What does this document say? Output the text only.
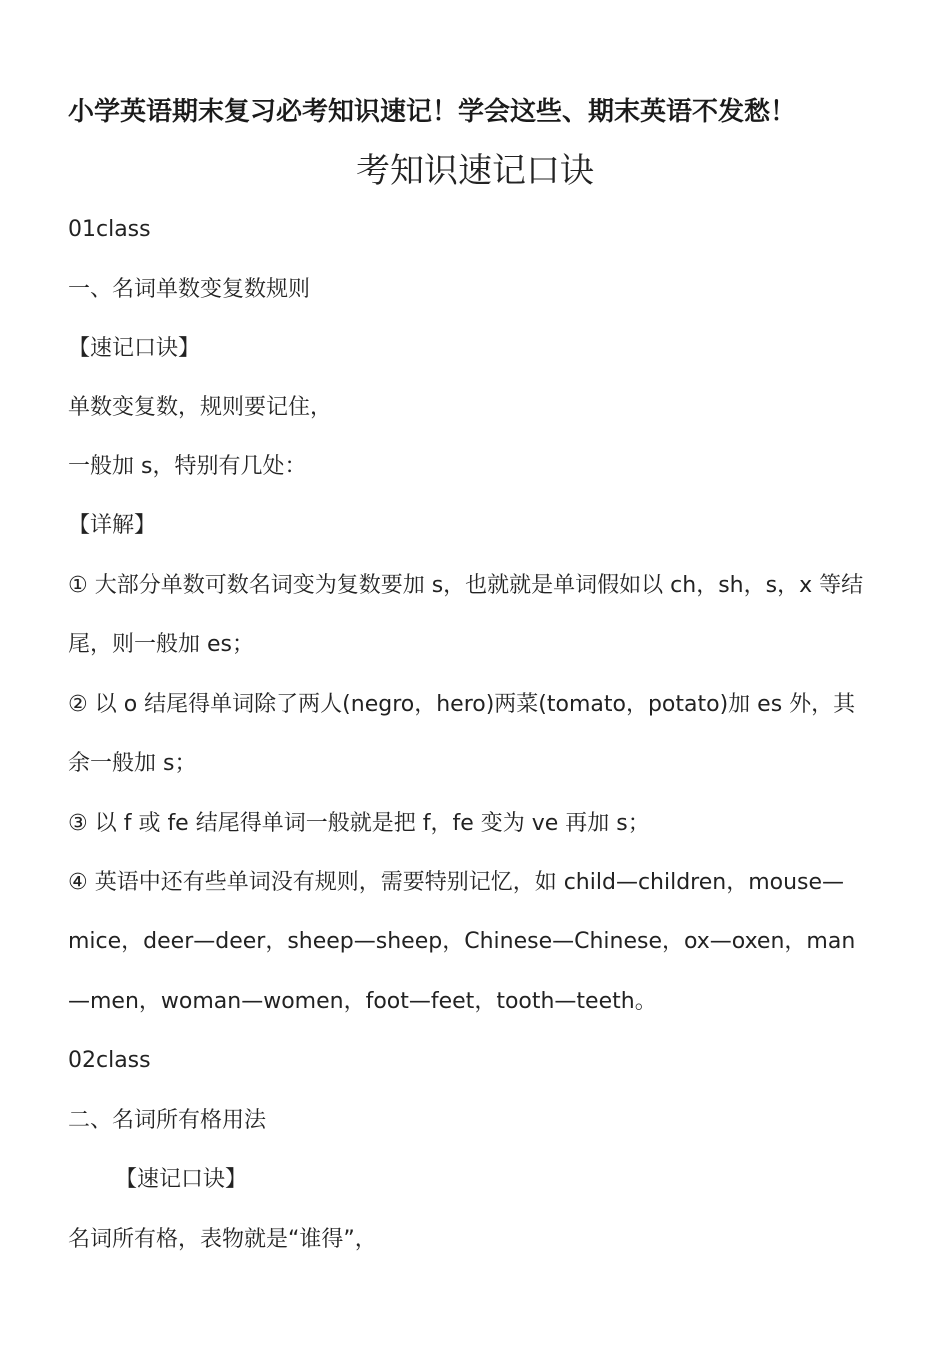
小学英语期末复习必考知识速记！学会这些、期末英语不发愁！
考知识速记口诀
01class
一、名词单数变复数规则
【速记口诀】
单数变复数，规则要记住，
一般加 s，特别有几处：
【详解】
① 大部分单数可数名词变为复数要加 s，也就就是单词假如以 ch，sh，s，x 等结
尾，则一般加 es；
② 以 o 结尾得单词除了两人(negro，hero)两菜(tomato，potato)加 es 外，其
余一般加 s；
③ 以 f 或 fe 结尾得单词一般就是把 f，fe 变为 ve 再加 s；
④ 英语中还有些单词没有规则，需要特别记忆，如 child—children，mouse—
mice，deer—deer，sheep—sheep，Chinese—Chinese，ox—oxen，man
—men，woman—women，foot—feet，tooth—teeth。
02class
二、名词所有格用法
【速记口诀】
名词所有格，表物就是“谁得”，
